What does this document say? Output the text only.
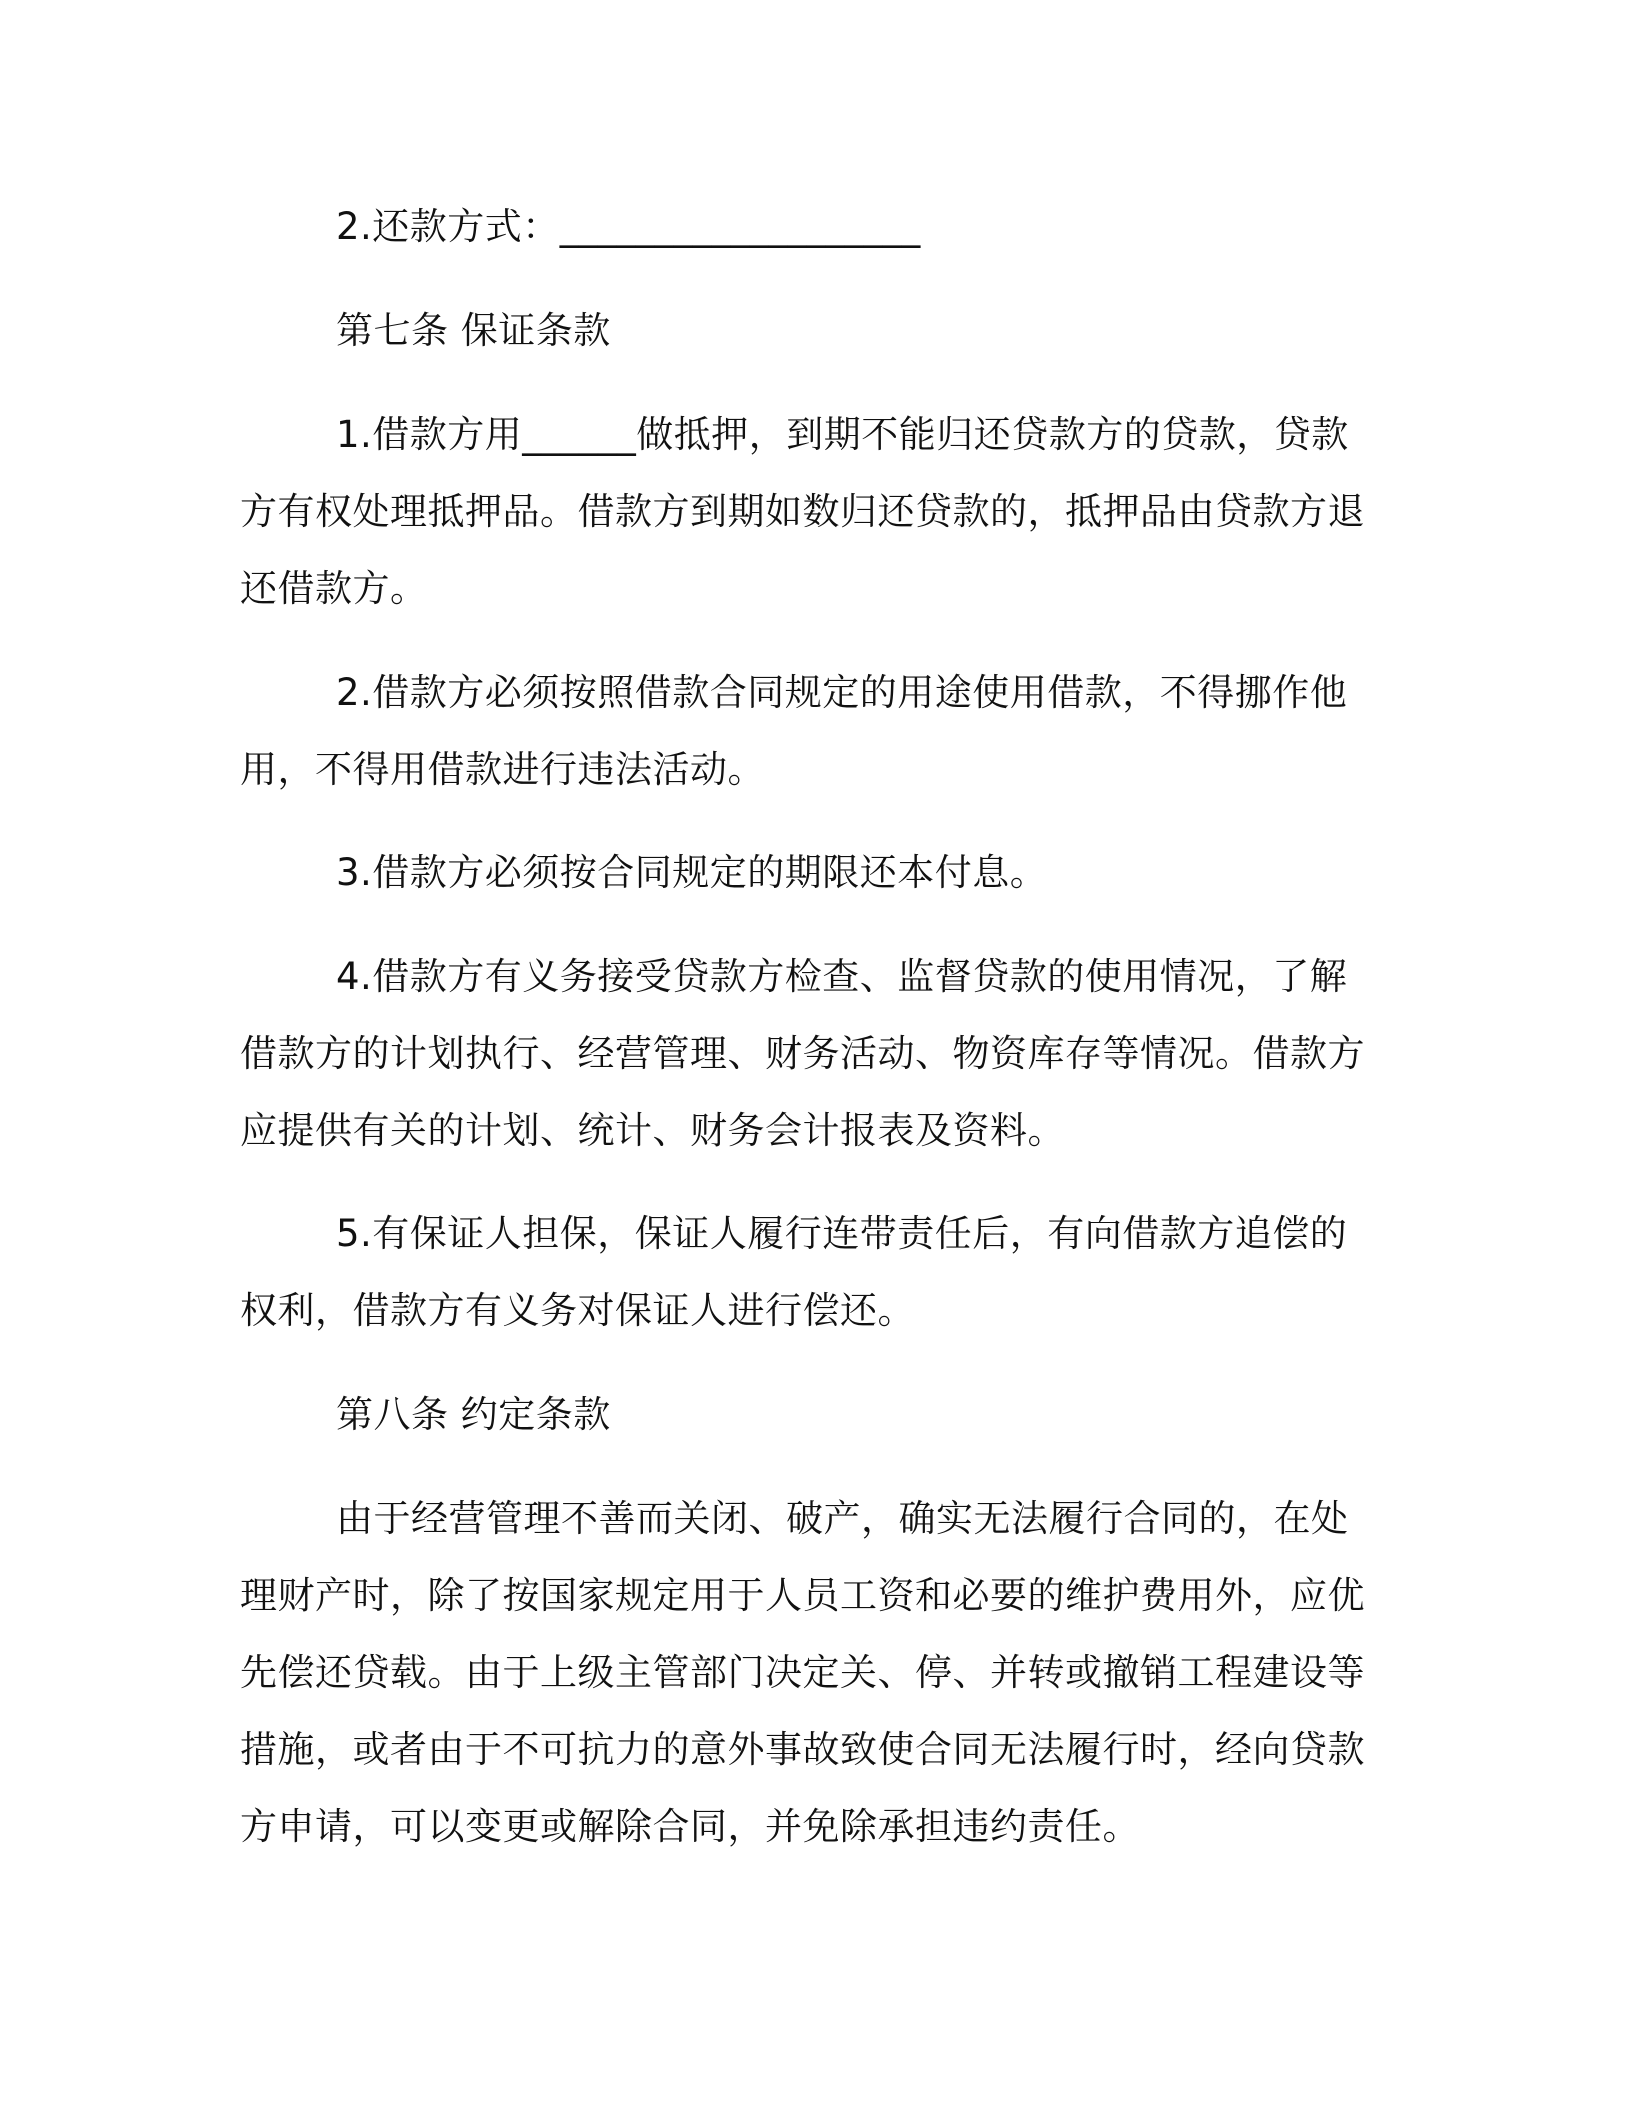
2.还款方式：___________________

第七条 保证条款

1.借款方用______做抵押，到期不能归还贷款方的贷款，贷款方有权处理抵押品。借款方到期如数归还贷款的，抵押品由贷款方退还借款方。

2.借款方必须按照借款合同规定的用途使用借款，不得挪作他用，不得用借款进行违法活动。

3.借款方必须按合同规定的期限还本付息。

4.借款方有义务接受贷款方检查、监督贷款的使用情况，了解借款方的计划执行、经营管理、财务活动、物资库存等情况。借款方应提供有关的计划、统计、财务会计报表及资料。

5.有保证人担保，保证人履行连带责任后，有向借款方追偿的权利，借款方有义务对保证人进行偿还。

第八条 约定条款

由于经营管理不善而关闭、破产，确实无法履行合同的，在处理财产时，除了按国家规定用于人员工资和必要的维护费用外，应优先偿还贷载。由于上级主管部门决定关、停、并转或撤销工程建设等措施，或者由于不可抗力的意外事故致使合同无法履行时，经向贷款方申请，可以变更或解除合同，并免除承担违约责任。
